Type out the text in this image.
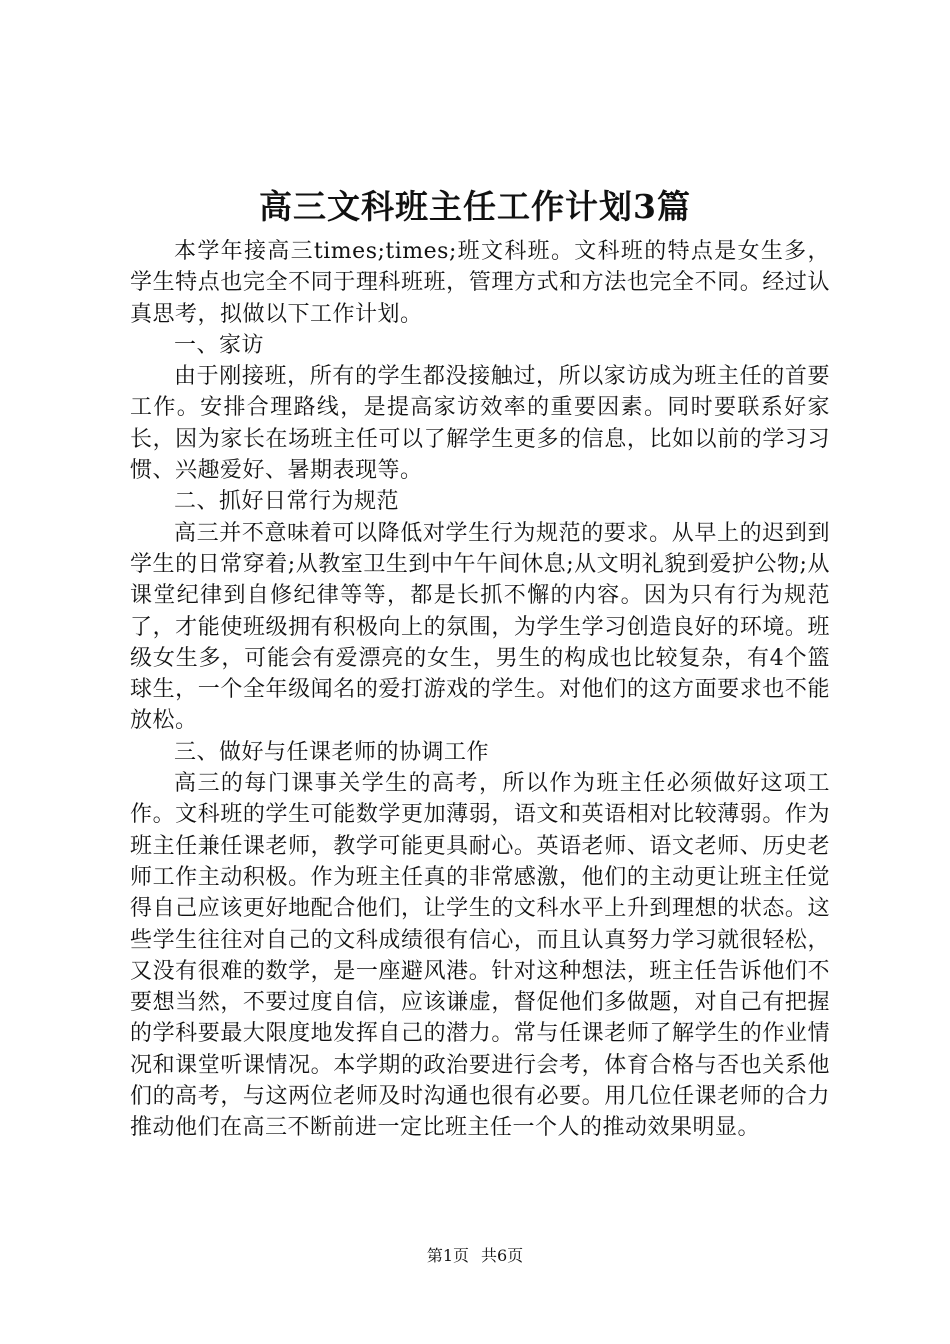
高三文科班主任工作计划3篇

本学年接高三times;times;班文科班。文科班的特点是女生多，学生特点也完全不同于理科班班，管理方式和方法也完全不同。经过认真思考，拟做以下工作计划。

一、家访

由于刚接班，所有的学生都没接触过，所以家访成为班主任的首要工作。安排合理路线，是提高家访效率的重要因素。同时要联系好家长，因为家长在场班主任可以了解学生更多的信息，比如以前的学习习惯、兴趣爱好、暑期表现等。

二、抓好日常行为规范

高三并不意味着可以降低对学生行为规范的要求。从早上的迟到到学生的日常穿着;从教室卫生到中午午间休息;从文明礼貌到爱护公物;从课堂纪律到自修纪律等等，都是长抓不懈的内容。因为只有行为规范了，才能使班级拥有积极向上的氛围，为学生学习创造良好的环境。班级女生多，可能会有爱漂亮的女生，男生的构成也比较复杂，有4个篮球生，一个全年级闻名的爱打游戏的学生。对他们的这方面要求也不能放松。

三、做好与任课老师的协调工作

高三的每门课事关学生的高考，所以作为班主任必须做好这项工作。文科班的学生可能数学更加薄弱，语文和英语相对比较薄弱。作为班主任兼任课老师，教学可能更具耐心。英语老师、语文老师、历史老师工作主动积极。作为班主任真的非常感激，他们的主动更让班主任觉得自己应该更好地配合他们，让学生的文科水平上升到理想的状态。这些学生往往对自己的文科成绩很有信心，而且认真努力学习就很轻松，又没有很难的数学，是一座避风港。针对这种想法，班主任告诉他们不要想当然，不要过度自信，应该谦虚，督促他们多做题，对自己有把握的学科要最大限度地发挥自己的潜力。常与任课老师了解学生的作业情况和课堂听课情况。本学期的政治要进行会考，体育合格与否也关系他们的高考，与这两位老师及时沟通也很有必要。用几位任课老师的合力推动他们在高三不断前进一定比班主任一个人的推动效果明显。

第1页 共6页
